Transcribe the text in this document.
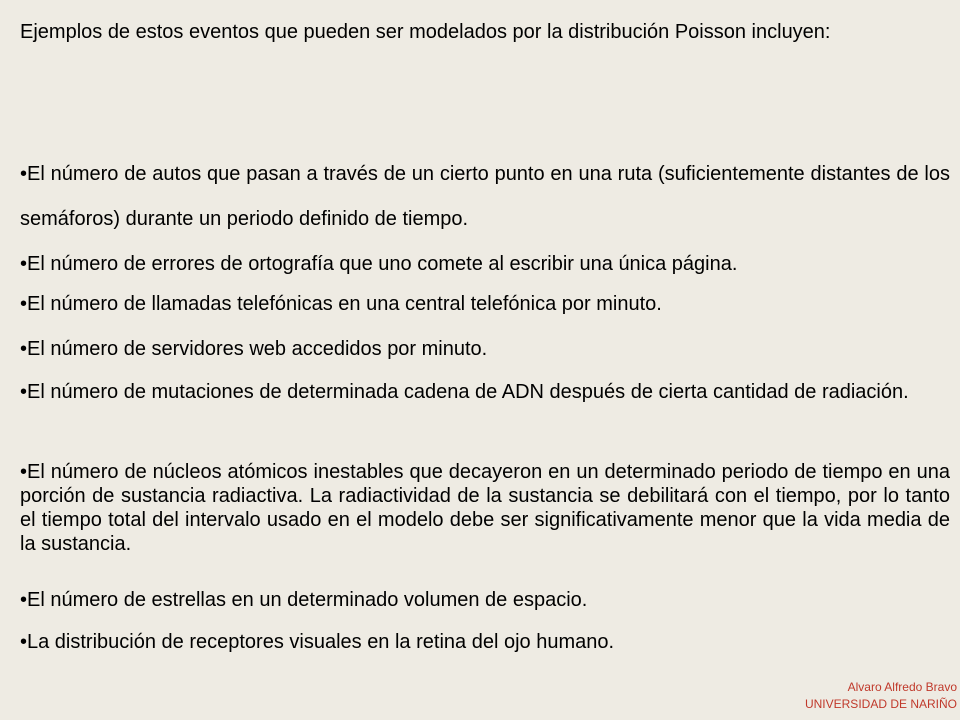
Ejemplos de estos eventos que pueden ser modelados por la distribución Poisson incluyen:

•El número de autos que pasan a través de un cierto punto en una ruta (suficientemente distantes de los semáforos) durante un periodo definido de tiempo.

•El número de errores de ortografía que uno comete al escribir una única página.

•El número de llamadas telefónicas en una central telefónica por minuto.

•El número de servidores web accedidos por minuto.

•El número de mutaciones de determinada cadena de ADN después de cierta cantidad de radiación.

•El número de núcleos atómicos inestables que decayeron en un determinado periodo de tiempo en una porción de sustancia radiactiva. La radiactividad de la sustancia se debilitará con el tiempo, por lo tanto el tiempo total del intervalo usado en el modelo debe ser significativamente menor que la vida media de la sustancia.

•El número de estrellas en un determinado volumen de espacio.

•La distribución de receptores visuales en la retina del ojo humano.

Alvaro Alfredo Bravo
UNIVERSIDAD DE NARIÑO
